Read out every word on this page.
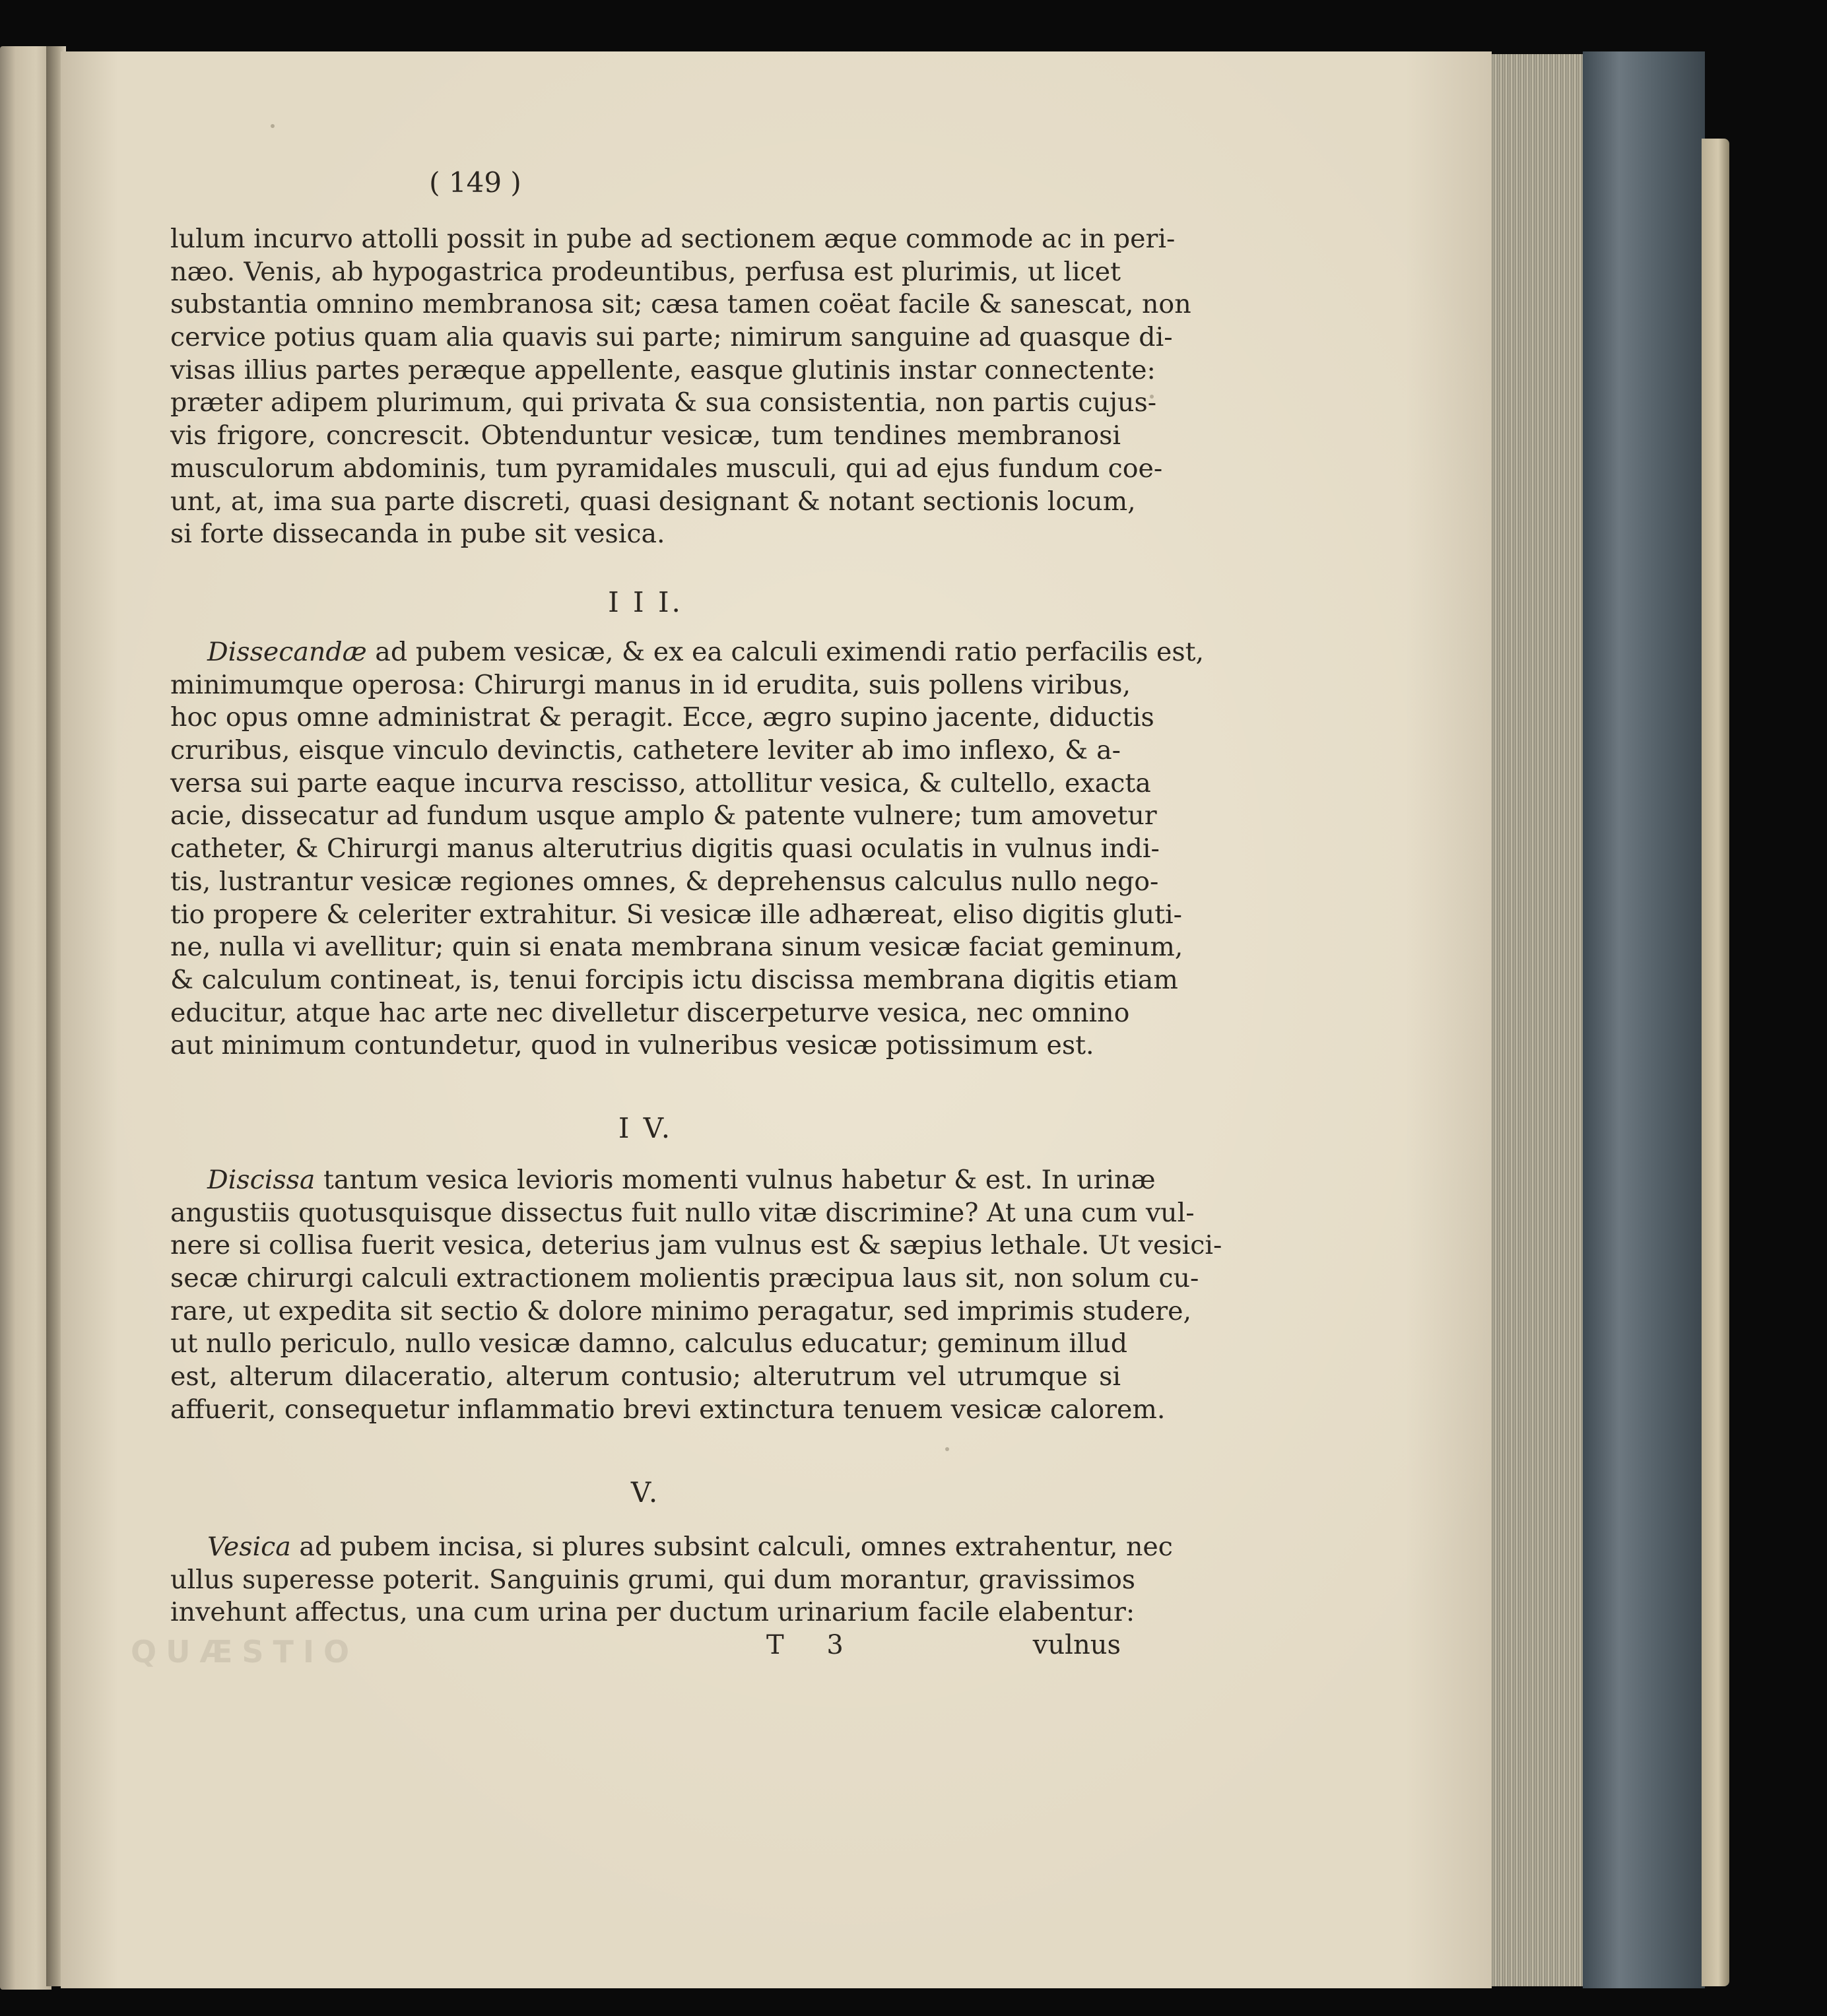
( 149 )
QUÆSTIO
lulum incurvo attolli possit in pube ad sectionem æque commode ac in peri-
næo. Venis, ab hypogastrica prodeuntibus, perfusa est plurimis, ut licet
substantia omnino membranosa sit; cæsa tamen coëat facile & sanescat, non
cervice potius quam alia quavis sui parte; nimirum sanguine ad quasque di-
visas illius partes peræque appellente, easque glutinis instar connectente:
præter adipem plurimum, qui privata & sua consistentia, non partis cujus-
vis frigore, concrescit. Obtenduntur vesicæ, tum tendines membranosi
musculorum abdominis, tum pyramidales musculi, qui ad ejus fundum coe-
unt, at, ima sua parte discreti, quasi designant & notant sectionis locum,
si forte dissecanda in pube sit vesica.
I I I.
Dissecandæ ad pubem vesicæ, & ex ea calculi eximendi ratio perfacilis est,
minimumque operosa: Chirurgi manus in id erudita, suis pollens viribus,
hoc opus omne administrat & peragit. Ecce, ægro supino jacente, diductis
cruribus, eisque vinculo devinctis, cathetere leviter ab imo inflexo, & a-
versa sui parte eaque incurva rescisso, attollitur vesica, & cultello, exacta
acie, dissecatur ad fundum usque amplo & patente vulnere; tum amovetur
catheter, & Chirurgi manus alterutrius digitis quasi oculatis in vulnus indi-
tis, lustrantur vesicæ regiones omnes, & deprehensus calculus nullo nego-
tio propere & celeriter extrahitur. Si vesicæ ille adhæreat, eliso digitis gluti-
ne, nulla vi avellitur; quin si enata membrana sinum vesicæ faciat geminum,
& calculum contineat, is, tenui forcipis ictu discissa membrana digitis etiam
educitur, atque hac arte nec divelletur discerpeturve vesica, nec omnino
aut minimum contundetur, quod in vulneribus vesicæ potissimum est.
I V.
Discissa tantum vesica levioris momenti vulnus habetur & est. In urinæ
angustiis quotusquisque dissectus fuit nullo vitæ discrimine? At una cum vul-
nere si collisa fuerit vesica, deterius jam vulnus est & sæpius lethale. Ut vesici-
secæ chirurgi calculi extractionem molientis præcipua laus sit, non solum cu-
rare, ut expedita sit sectio & dolore minimo peragatur, sed imprimis studere,
ut nullo periculo, nullo vesicæ damno, calculus educatur; geminum illud
est, alterum dilaceratio, alterum contusio; alterutrum vel utrumque si
affuerit, consequetur inflammatio brevi extinctura tenuem vesicæ calorem.
V.
Vesica ad pubem incisa, si plures subsint calculi, omnes extrahentur, nec
ullus superesse poterit. Sanguinis grumi, qui dum morantur, gravissimos
invehunt affectus, una cum urina per ductum urinarium facile elabentur:
T 3	vulnus
